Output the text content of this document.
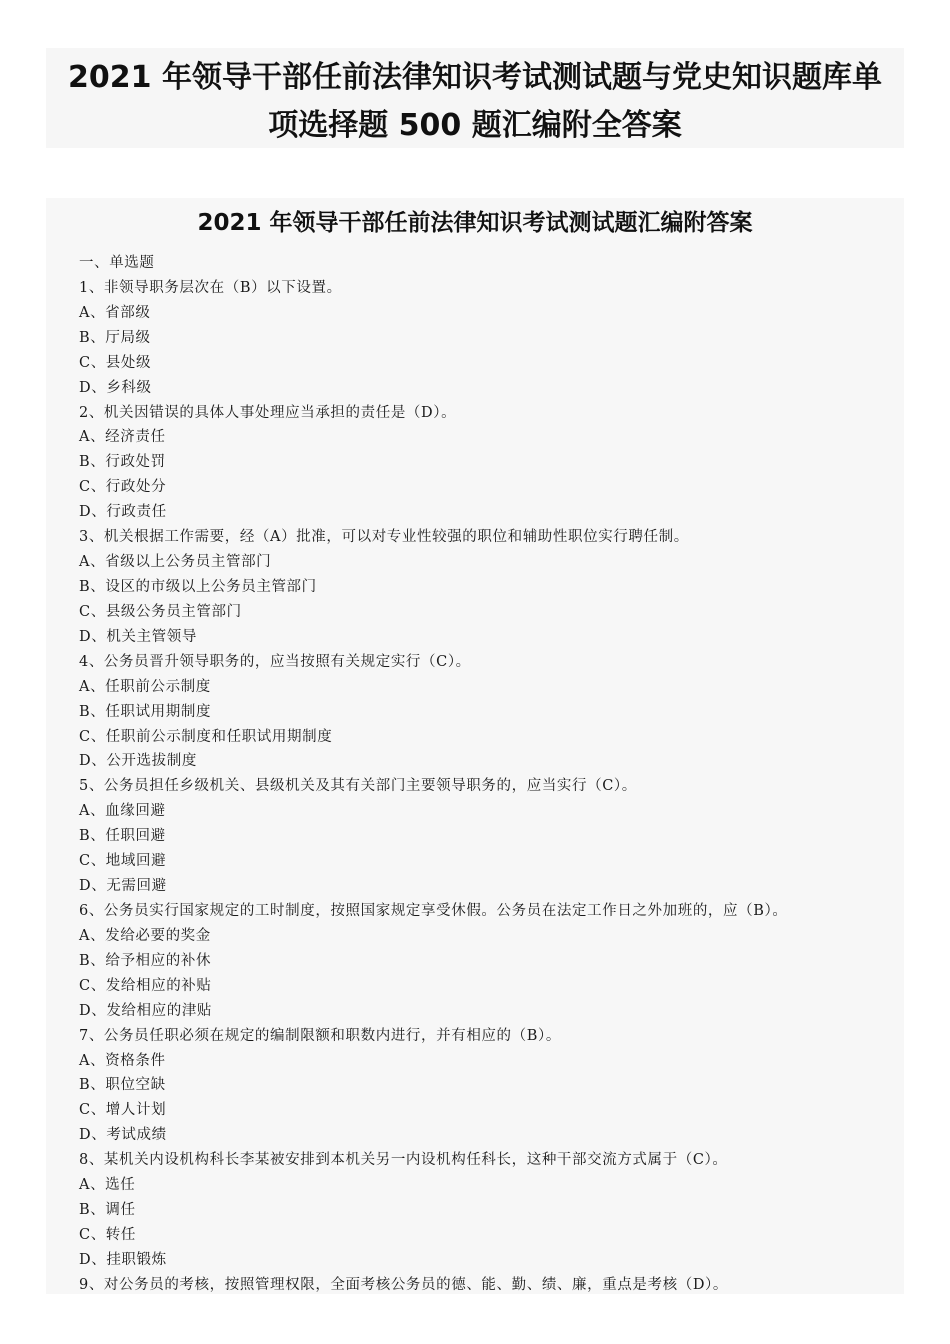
2021 年领导干部任前法律知识考试测试题与党史知识题库单
项选择题 500 题汇编附全答案
2021 年领导干部任前法律知识考试测试题汇编附答案
一、单选题
1、非领导职务层次在（B）以下设置。
A、省部级
B、厅局级
C、县处级
D、乡科级
2、机关因错误的具体人事处理应当承担的责任是（D）。
A、经济责任
B、行政处罚
C、行政处分
D、行政责任
3、机关根据工作需要，经（A）批准，可以对专业性较强的职位和辅助性职位实行聘任制。
A、省级以上公务员主管部门
B、设区的市级以上公务员主管部门
C、县级公务员主管部门
D、机关主管领导
4、公务员晋升领导职务的，应当按照有关规定实行（C）。
A、任职前公示制度
B、任职试用期制度
C、任职前公示制度和任职试用期制度
D、公开选拔制度
5、公务员担任乡级机关、县级机关及其有关部门主要领导职务的，应当实行（C）。
A、血缘回避
B、任职回避
C、地域回避
D、无需回避
6、公务员实行国家规定的工时制度，按照国家规定享受休假。公务员在法定工作日之外加班的，应（B）。
A、发给必要的奖金
B、给予相应的补休
C、发给相应的补贴
D、发给相应的津贴
7、公务员任职必须在规定的编制限额和职数内进行，并有相应的（B）。
A、资格条件
B、职位空缺
C、增人计划
D、考试成绩
8、某机关内设机构科长李某被安排到本机关另一内设机构任科长，这种干部交流方式属于（C）。
A、选任
B、调任
C、转任
D、挂职锻炼
9、对公务员的考核，按照管理权限，全面考核公务员的德、能、勤、绩、廉，重点是考核（D）。
